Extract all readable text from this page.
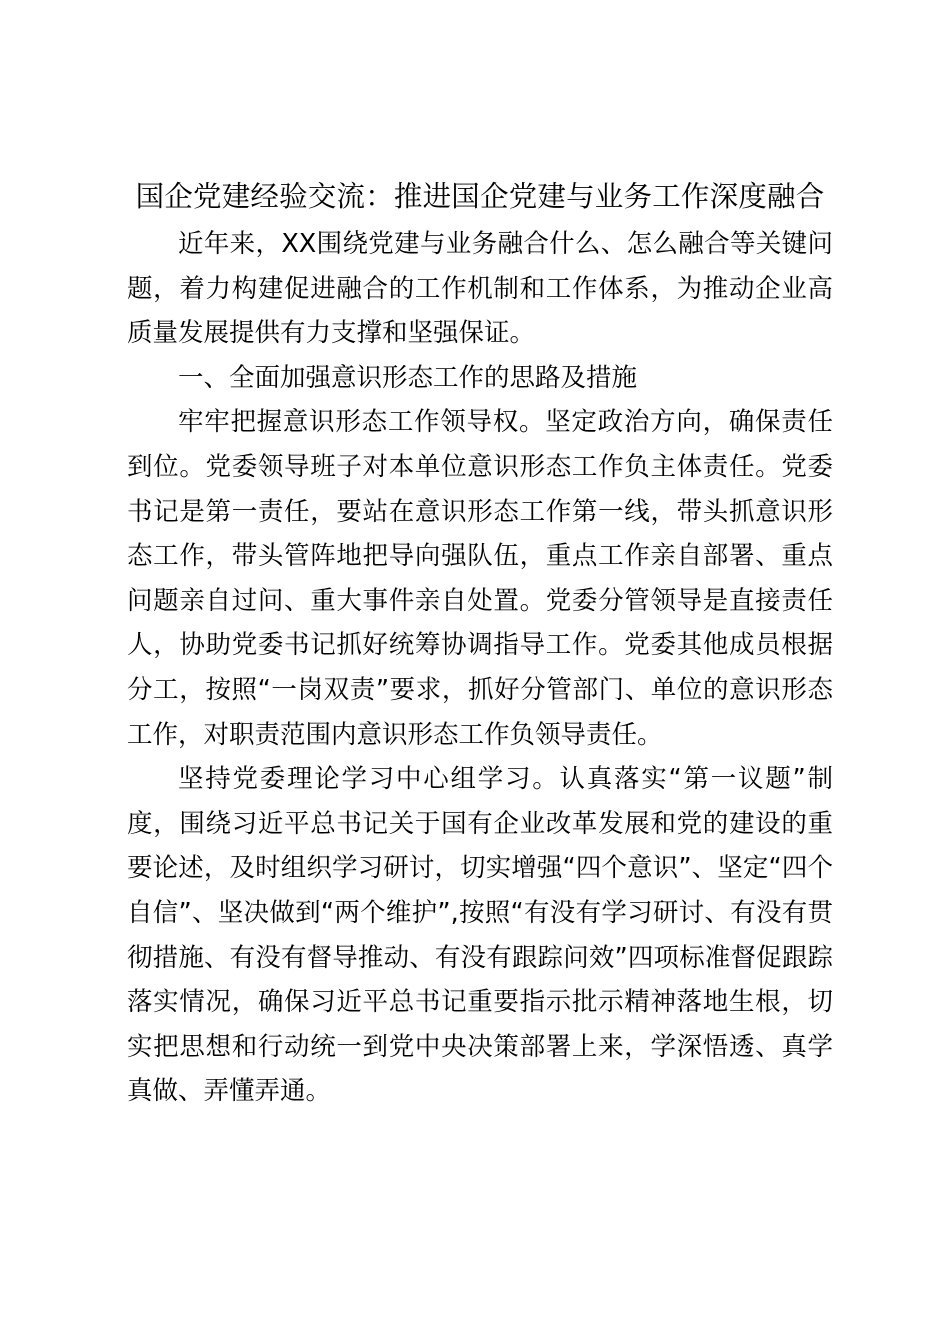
国企党建经验交流：推进国企党建与业务工作深度融合

近年来，XX围绕党建与业务融合什么、怎么融合等关键问题，着力构建促进融合的工作机制和工作体系，为推动企业高质量发展提供有力支撑和坚强保证。

一、全面加强意识形态工作的思路及措施

牢牢把握意识形态工作领导权。坚定政治方向，确保责任到位。党委领导班子对本单位意识形态工作负主体责任。党委书记是第一责任，要站在意识形态工作第一线，带头抓意识形态工作，带头管阵地把导向强队伍，重点工作亲自部署、重点问题亲自过问、重大事件亲自处置。党委分管领导是直接责任人，协助党委书记抓好统筹协调指导工作。党委其他成员根据分工，按照“一岗双责”要求，抓好分管部门、单位的意识形态工作，对职责范围内意识形态工作负领导责任。

坚持党委理论学习中心组学习。认真落实“第一议题”制度，围绕习近平总书记关于国有企业改革发展和党的建设的重要论述，及时组织学习研讨，切实增强“四个意识”、坚定“四个自信”、坚决做到“两个维护”,按照“有没有学习研讨、有没有贯彻措施、有没有督导推动、有没有跟踪问效”四项标准督促跟踪落实情况，确保习近平总书记重要指示批示精神落地生根，切实把思想和行动统一到党中央决策部署上来，学深悟透、真学真做、弄懂弄通。
